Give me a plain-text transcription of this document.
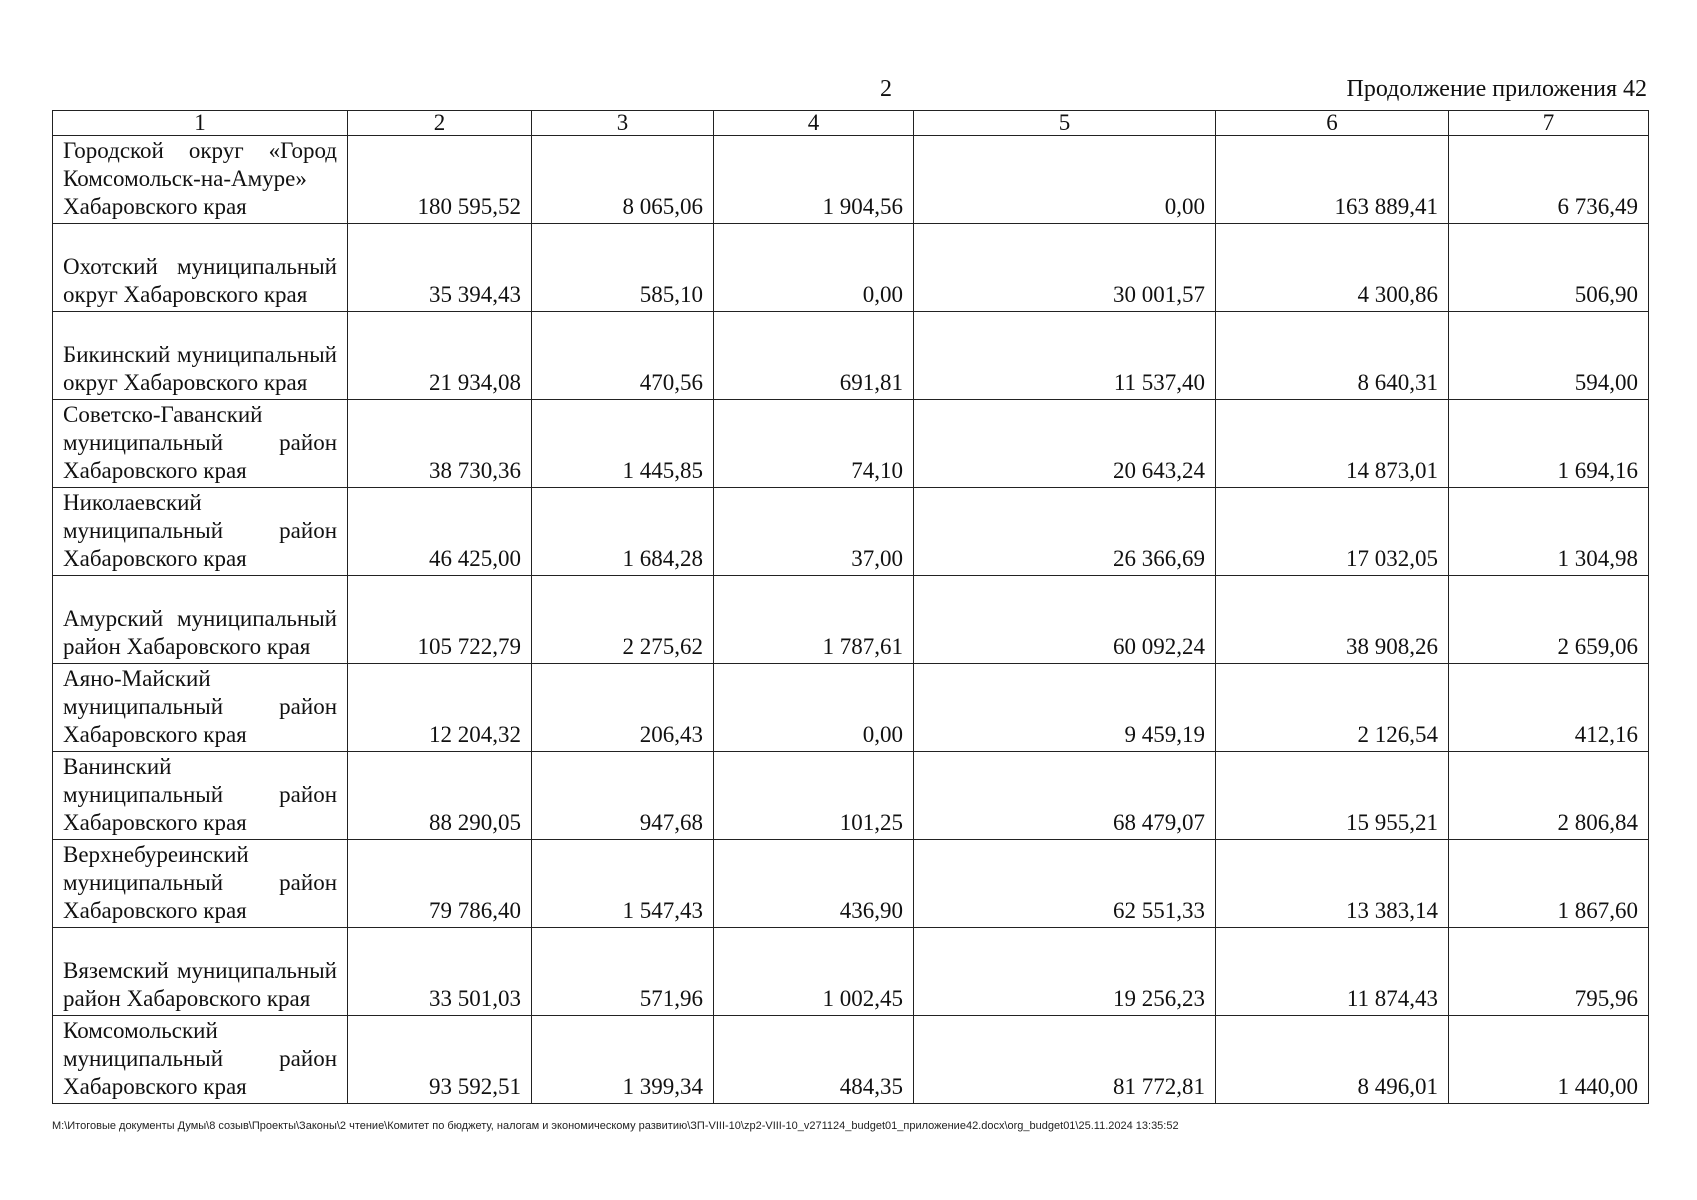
2	Продолжение приложения 42
1	2	3	4	5	6	7
Городской округ «Город Комсомольск-на-Амуре» Хабаровского края	180 595,52	8 065,06	1 904,56	0,00	163 889,41	6 736,49
Охотский муниципальный округ Хабаровского края	35 394,43	585,10	0,00	30 001,57	4 300,86	506,90
Бикинский муниципальный округ Хабаровского края	21 934,08	470,56	691,81	11 537,40	8 640,31	594,00
Советско-Гаванский муниципальный район Хабаровского края	38 730,36	1 445,85	74,10	20 643,24	14 873,01	1 694,16
Николаевский муниципальный район Хабаровского края	46 425,00	1 684,28	37,00	26 366,69	17 032,05	1 304,98
Амурский муниципальный район Хабаровского края	105 722,79	2 275,62	1 787,61	60 092,24	38 908,26	2 659,06
Аяно-Майский муниципальный район Хабаровского края	12 204,32	206,43	0,00	9 459,19	2 126,54	412,16
Ванинский муниципальный район Хабаровского края	88 290,05	947,68	101,25	68 479,07	15 955,21	2 806,84
Верхнебуреинский муниципальный район Хабаровского края	79 786,40	1 547,43	436,90	62 551,33	13 383,14	1 867,60
Вяземский муниципальный район Хабаровского края	33 501,03	571,96	1 002,45	19 256,23	11 874,43	795,96
Комсомольский муниципальный район Хабаровского края	93 592,51	1 399,34	484,35	81 772,81	8 496,01	1 440,00
M:\Итоговые документы Думы\8 созыв\Проекты\Законы\2 чтение\Комитет по бюджету, налогам и экономическому развитию\ЗП-VIII-10\zp2-VIII-10_v271124_budget01_приложение42.docx\org_budget01\25.11.2024 13:35:52
